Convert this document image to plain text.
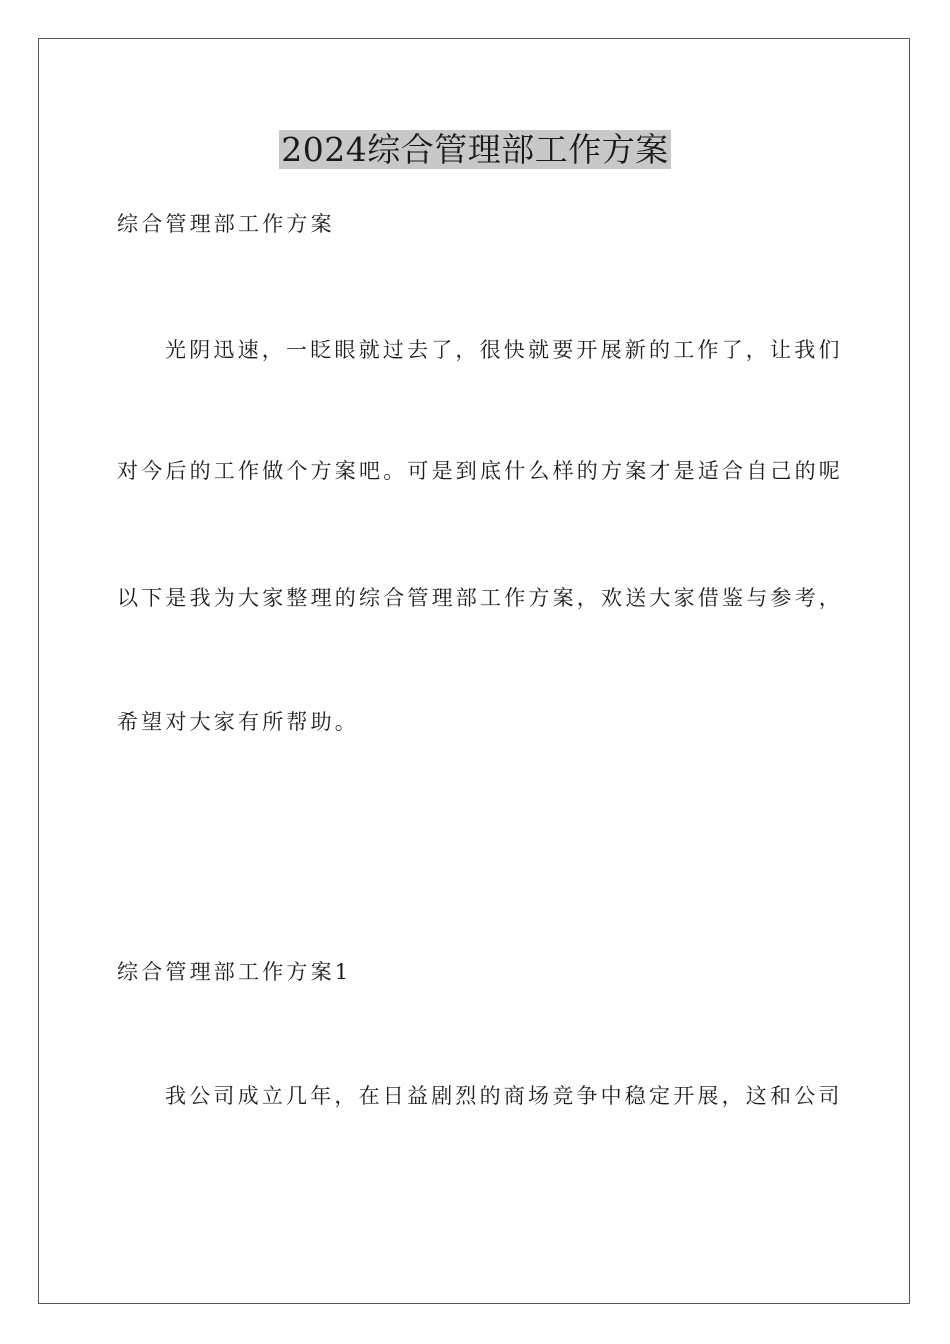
2024综合管理部工作方案

综合管理部工作方案

光阴迅速，一眨眼就过去了，很快就要开展新的工作了，让我们

对今后的工作做个方案吧。可是到底什么样的方案才是适合自己的呢

以下是我为大家整理的综合管理部工作方案，欢送大家借鉴与参考，

希望对大家有所帮助。

综合管理部工作方案1

我公司成立几年，在日益剧烈的商场竞争中稳定开展，这和公司
